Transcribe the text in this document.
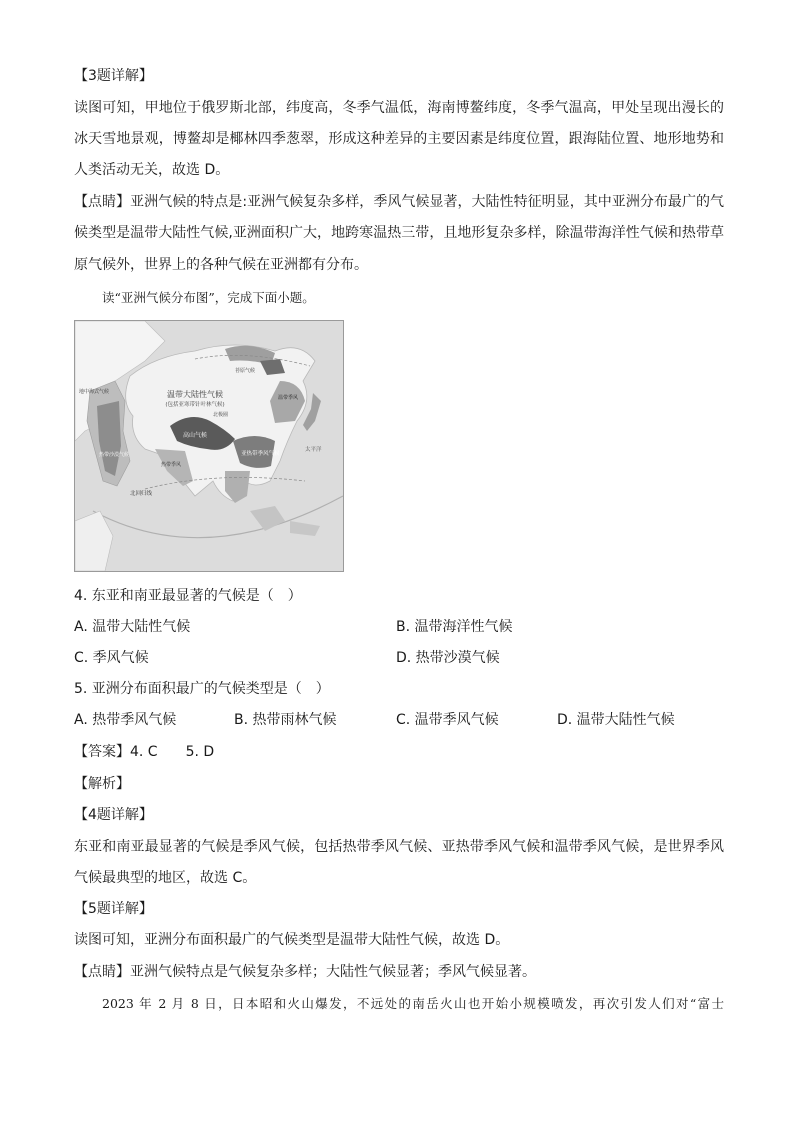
【3题详解】
读图可知，甲地位于俄罗斯北部，纬度高，冬季气温低，海南博鳌纬度，冬季气温高，甲处呈现出漫长的
冰天雪地景观，博鳌却是椰林四季葱翠，形成这种差异的主要因素是纬度位置，跟海陆位置、地形地势和
人类活动无关，故选 D。
【点睛】亚洲气候的特点是:亚洲气候复杂多样，季风气候显著，大陆性特征明显，其中亚洲分布最广的气
候类型是温带大陆性气候,亚洲面积广大，地跨寒温热三带，且地形复杂多样，除温带海洋性气候和热带草
原气候外，世界上的各种气候在亚洲都有分布。
读“亚洲气候分布图”，完成下面小题。
温带大陆性气候
(包括亚寒带针叶林气候)
北极圈
北回归线
高山气候
亚热带季风气候
热带季风
苔原气候
太平洋
地中海式气候
热带沙漠气候
温带季风
4. 东亚和南亚最显著的气候是（　）
A. 温带大陆性气候	B. 温带海洋性气候
C. 季风气候	D. 热带沙漠气候
5. 亚洲分布面积最广的气候类型是（　）
A. 热带季风气候	B. 热带雨林气候	C. 温带季风气候	D. 温带大陆性气候
【答案】4. C　　5. D
【解析】
【4题详解】
东亚和南亚最显著的气候是季风气候，包括热带季风气候、亚热带季风气候和温带季风气候，是世界季风
气候最典型的地区，故选 C。
【5题详解】
读图可知，亚洲分布面积最广的气候类型是温带大陆性气候，故选 D。
【点睛】亚洲气候特点是气候复杂多样；大陆性气候显著；季风气候显著。
2023 年 2 月 8 日，日本昭和火山爆发，不远处的南岳火山也开始小规模喷发，再次引发人们对“富士
